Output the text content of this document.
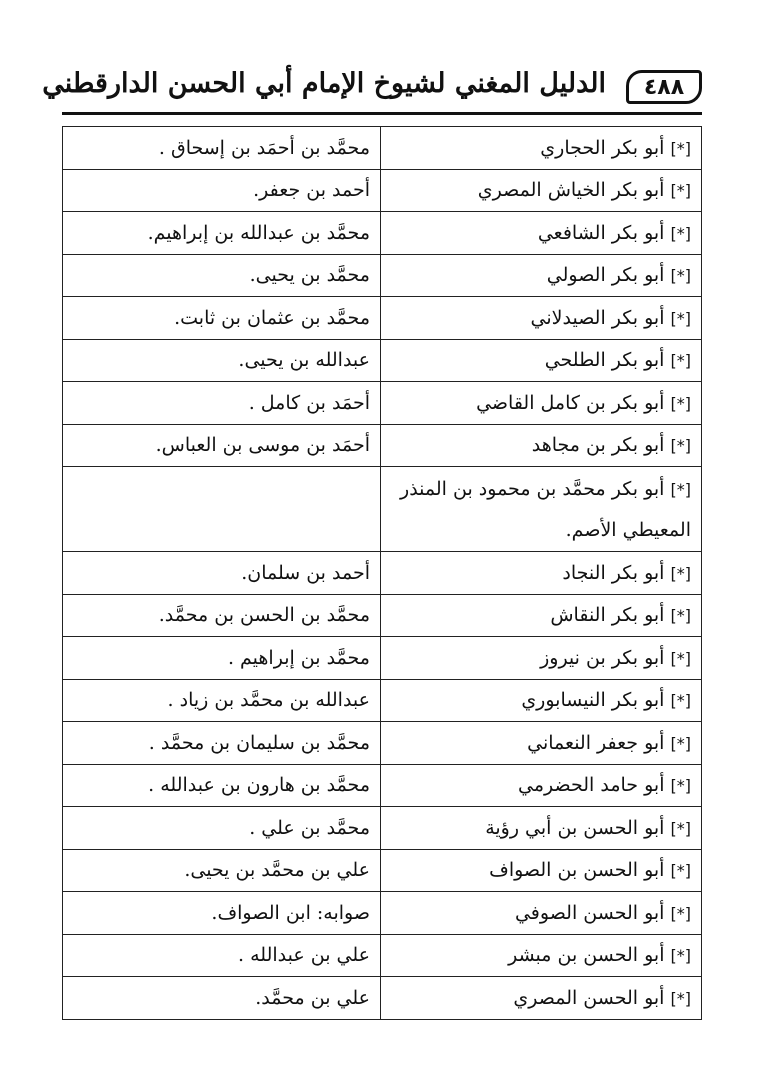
٤٨٨
الدليل المغني لشيوخ الإمام أبي الحسن الدارقطني
[*] أبو بكر الحجاري	محمَّد بن أحمَد بن إسحاق .
[*] أبو بكر الخياش المصري	أحمد بن جعفر.
[*] أبو بكر الشافعي	محمَّد بن عبدالله بن إبراهيم.
[*] أبو بكر الصولي	محمَّد بن يحيى.
[*] أبو بكر الصيدلاني	محمَّد بن عثمان بن ثابت.
[*] أبو بكر الطلحي	عبدالله بن يحيى.
[*] أبو بكر بن كامل القاضي	أحمَد بن كامل .
[*] أبو بكر بن مجاهد	أحمَد بن موسى بن العباس.
[*] أبو بكر محمَّد بن محمود بن المنذر المعيطي الأصم.	
[*] أبو بكر النجاد	أحمد بن سلمان.
[*] أبو بكر النقاش	محمَّد بن الحسن بن محمَّد.
[*] أبو بكر بن نيروز	محمَّد بن إبراهيم .
[*] أبو بكر النيسابوري	عبدالله بن محمَّد بن زياد .
[*] أبو جعفر النعماني	محمَّد بن سليمان بن محمَّد .
[*] أبو حامد الحضرمي	محمَّد بن هارون بن عبدالله .
[*] أبو الحسن بن أبي رؤية	محمَّد بن علي .
[*] أبو الحسن بن الصواف	علي بن محمَّد بن يحيى.
[*] أبو الحسن الصوفي	صوابه: ابن الصواف.
[*] أبو الحسن بن مبشر	علي بن عبدالله .
[*] أبو الحسن المصري	علي بن محمَّد.
